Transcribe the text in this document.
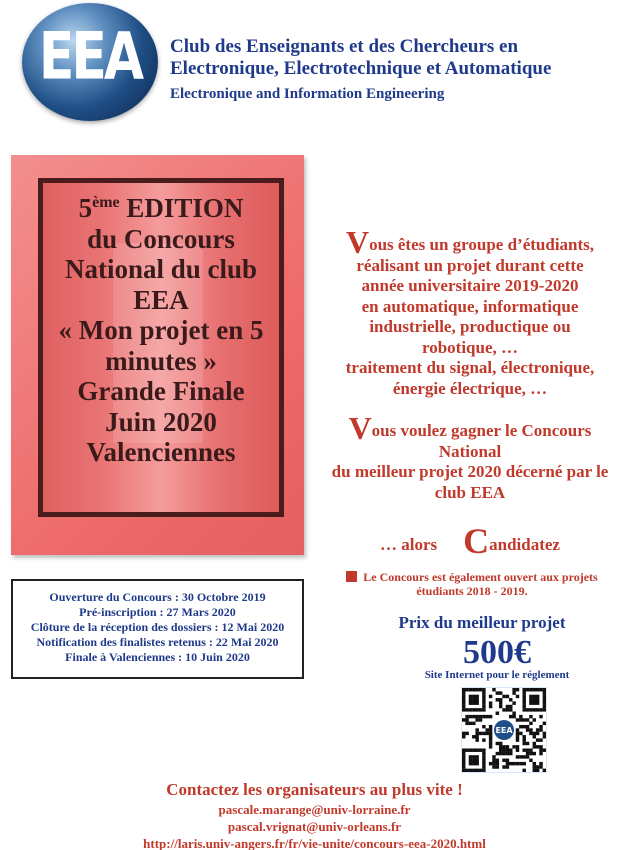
EEA	Club des Enseignants et des Chercheurs en
Electronique, Electrotechnique et Automatique
Electronique and Information Engineering
5ème EDITION
du Concours
National du club
EEA
« Mon projet en 5
minutes »
Grande Finale
Juin 2020
Valenciennes
Vous êtes un groupe d’étudiants,
réalisant un projet durant cette
année universitaire 2019-2020
en automatique, informatique
industrielle, productique ou
robotique, …
traitement du signal, électronique,
énergie électrique, …
Vous voulez gagner le Concours
National
du meilleur projet 2020 décerné par le
club EEA
… alors Candidatez
Le Concours est également ouvert aux projets
étudiants 2018 - 2019.
Ouverture du Concours : 30 Octobre 2019
Pré-inscription : 27 Mars 2020
Clôture de la réception des dossiers : 12 Mai 2020
Notification des finalistes retenus : 22 Mai 2020
Finale à Valenciennes : 10 Juin 2020
Prix du meilleur projet
500€
Site Internet pour le réglement
EEA
Contactez les organisateurs au plus vite !
pascale.marange@univ-lorraine.fr
pascal.vrignat@univ-orleans.fr
http://laris.univ-angers.fr/fr/vie-unite/concours-eea-2020.html
